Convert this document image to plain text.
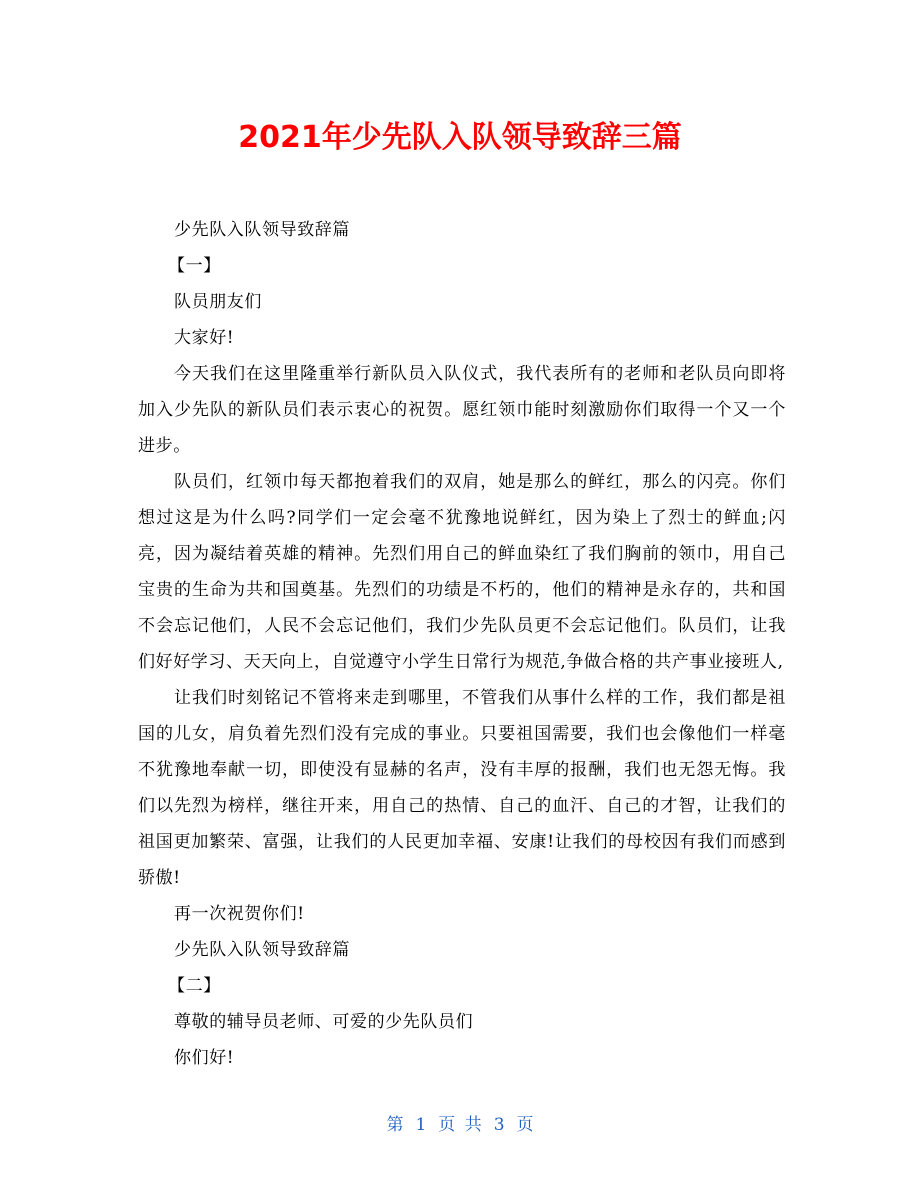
2021年少先队入队领导致辞三篇

少先队入队领导致辞篇

【一】

队员朋友们

大家好!

今天我们在这里隆重举行新队员入队仪式，我代表所有的老师和老队员向即将加入少先队的新队员们表示衷心的祝贺。愿红领巾能时刻激励你们取得一个又一个进步。

队员们，红领巾每天都抱着我们的双肩，她是那么的鲜红，那么的闪亮。你们想过这是为什么吗?同学们一定会毫不犹豫地说鲜红，因为染上了烈士的鲜血;闪亮，因为凝结着英雄的精神。先烈们用自己的鲜血染红了我们胸前的领巾，用自己宝贵的生命为共和国奠基。先烈们的功绩是不朽的，他们的精神是永存的，共和国不会忘记他们，人民不会忘记他们，我们少先队员更不会忘记他们。队员们，让我们好好学习、天天向上，自觉遵守小学生日常行为规范,争做合格的共产事业接班人,

让我们时刻铭记不管将来走到哪里，不管我们从事什么样的工作，我们都是祖国的儿女，肩负着先烈们没有完成的事业。只要祖国需要，我们也会像他们一样毫不犹豫地奉献一切，即使没有显赫的名声，没有丰厚的报酬，我们也无怨无悔。我们以先烈为榜样，继往开来，用自己的热情、自己的血汗、自己的才智，让我们的祖国更加繁荣、富强，让我们的人民更加幸福、安康!让我们的母校因有我们而感到骄傲!

再一次祝贺你们!

少先队入队领导致辞篇

【二】

尊敬的辅导员老师、可爱的少先队员们

你们好!

第 1 页 共 3 页
